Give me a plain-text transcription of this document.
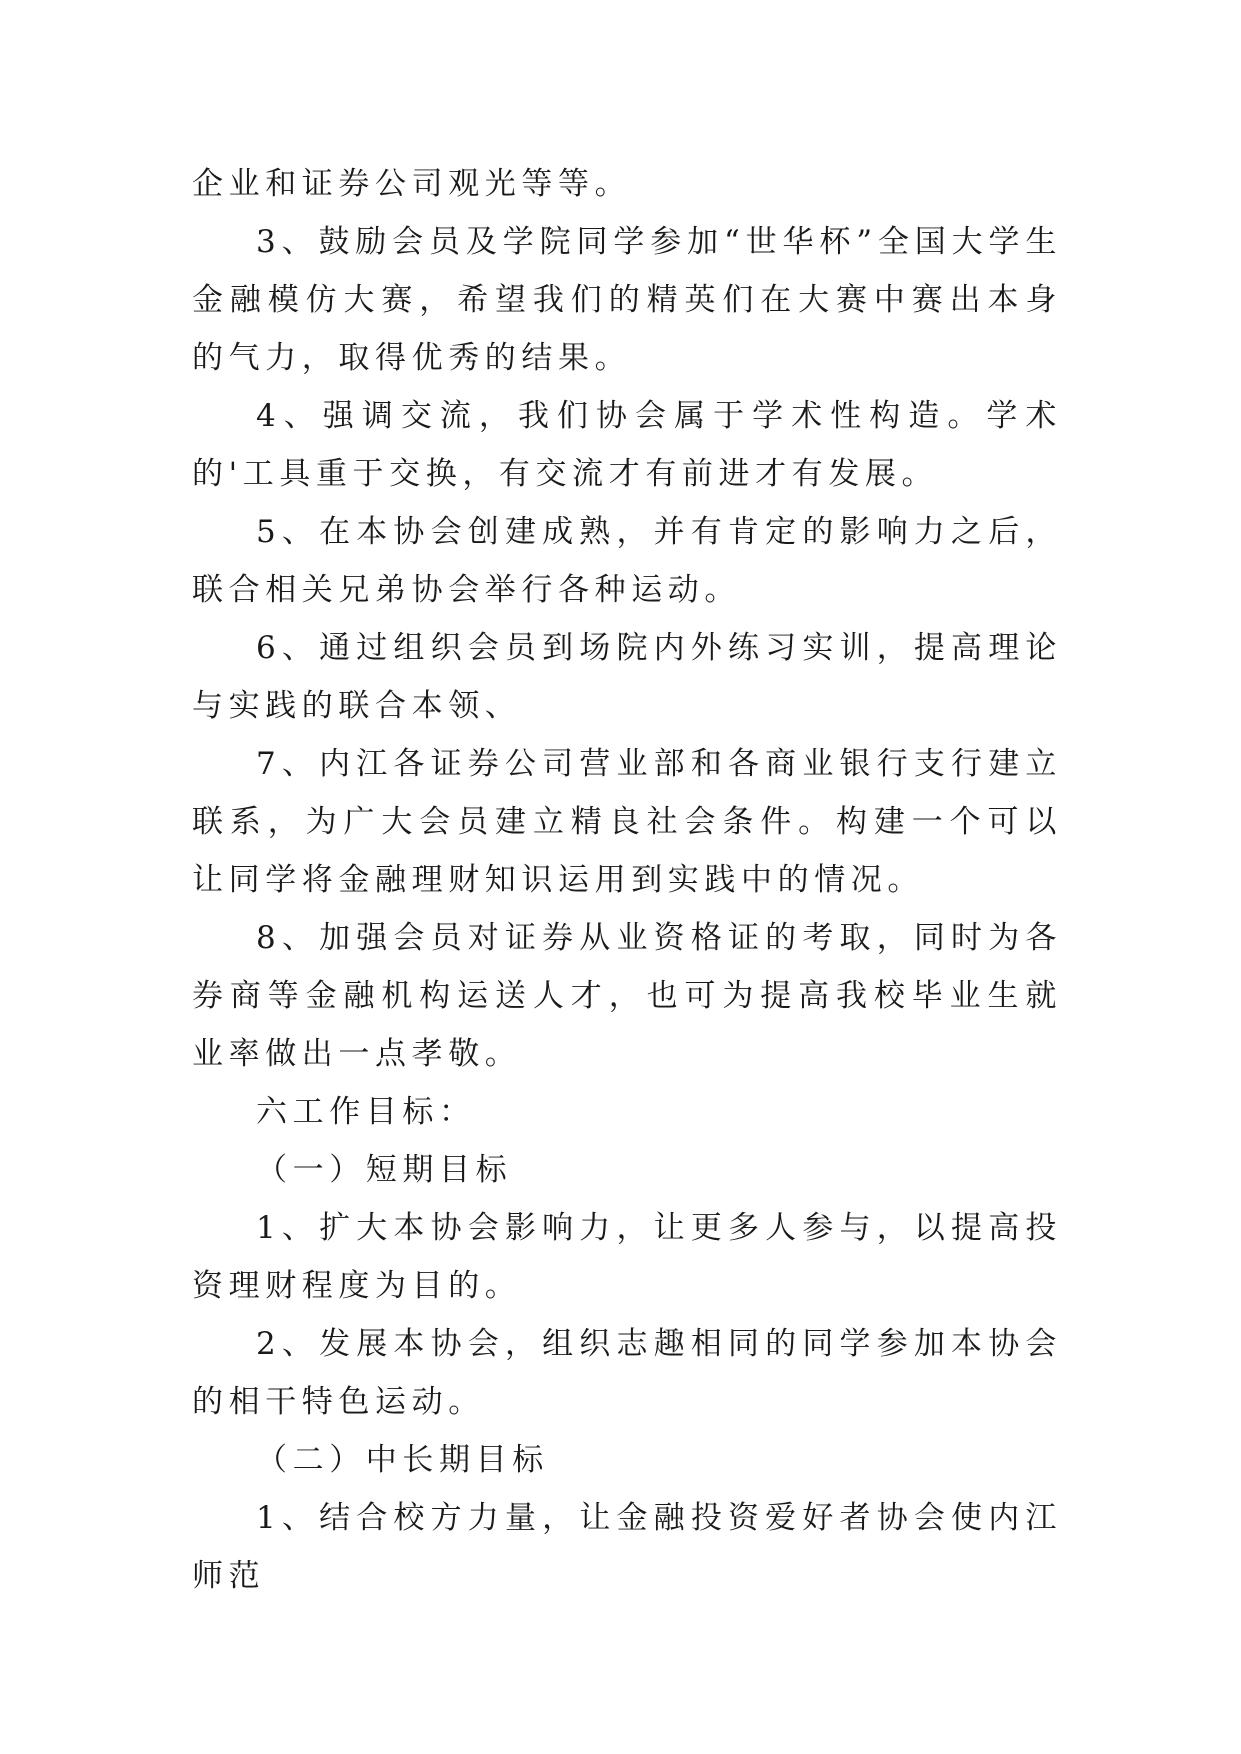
企业和证券公司观光等等。

3、鼓励会员及学院同学参加“世华杯”全国大学生金融模仿大赛，希望我们的精英们在大赛中赛出本身的气力，取得优秀的结果。

4、强调交流，我们协会属于学术性构造。学术的'工具重于交换，有交流才有前进才有发展。

5、在本协会创建成熟，并有肯定的影响力之后，联合相关兄弟协会举行各种运动。

6、通过组织会员到场院内外练习实训，提高理论与实践的联合本领、

7、内江各证券公司营业部和各商业银行支行建立联系，为广大会员建立精良社会条件。构建一个可以让同学将金融理财知识运用到实践中的情况。

8、加强会员对证券从业资格证的考取，同时为各券商等金融机构运送人才，也可为提高我校毕业生就业率做出一点孝敬。

六工作目标：

（一）短期目标

1、扩大本协会影响力，让更多人参与，以提高投资理财程度为目的。

2、发展本协会，组织志趣相同的同学参加本协会的相干特色运动。

（二）中长期目标

1、结合校方力量，让金融投资爱好者协会使内江师范
